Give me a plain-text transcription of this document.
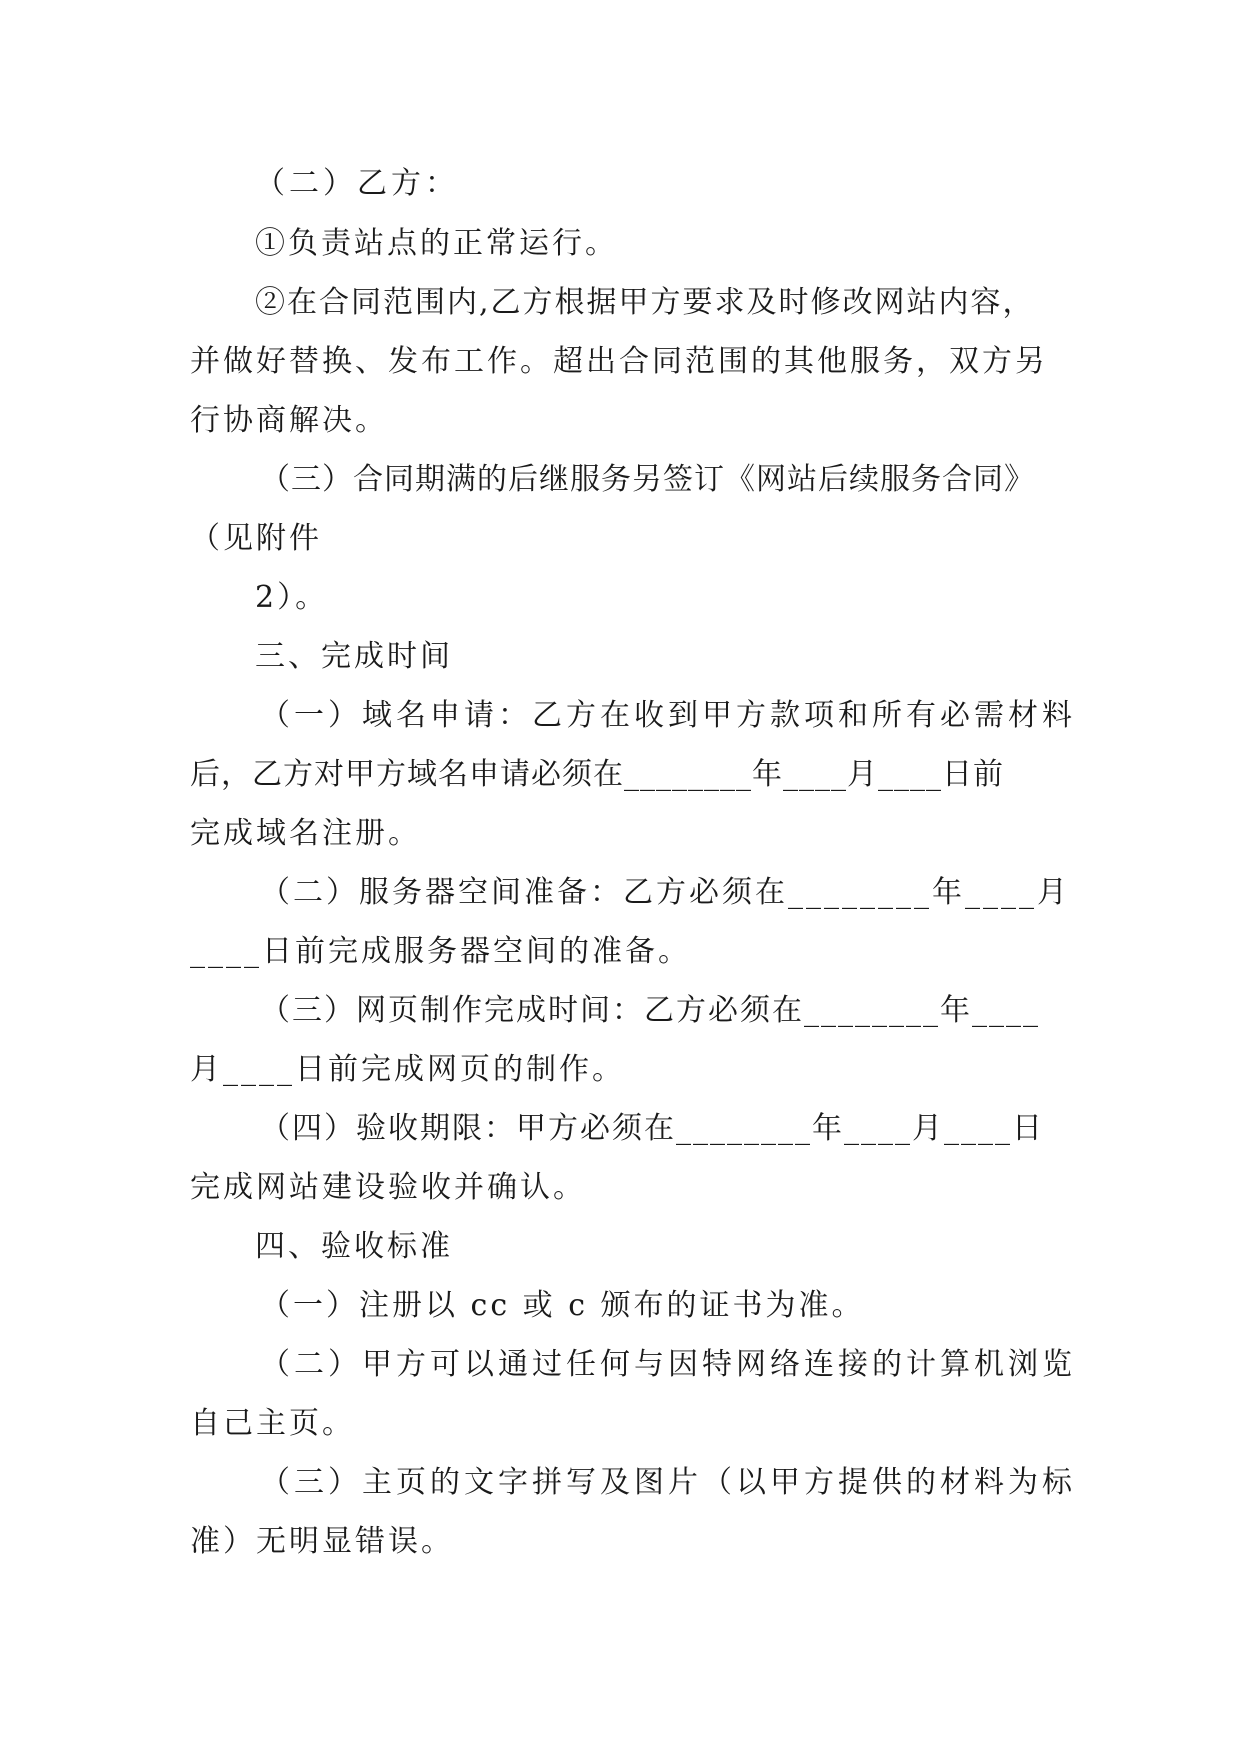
（二）乙方：

①负责站点的正常运行。

②在合同范围内,乙方根据甲方要求及时修改网站内容，

并做好替换、发布工作。超出合同范围的其他服务，双方另

行协商解决。

（三）合同期满的后继服务另签订《网站后续服务合同》

（见附件

2）。

三、完成时间

（一）域名申请：乙方在收到甲方款项和所有必需材料

后，乙方对甲方域名申请必须在________年____月____日前

完成域名注册。

（二）服务器空间准备：乙方必须在________年____月

____日前完成服务器空间的准备。

（三）网页制作完成时间：乙方必须在________年____

月____日前完成网页的制作。

（四）验收期限：甲方必须在________年____月____日

完成网站建设验收并确认。

四、验收标准

（一）注册以 cc 或 c 颁布的证书为准。

（二）甲方可以通过任何与因特网络连接的计算机浏览

自己主页。

（三）主页的文字拼写及图片（以甲方提供的材料为标

准）无明显错误。
